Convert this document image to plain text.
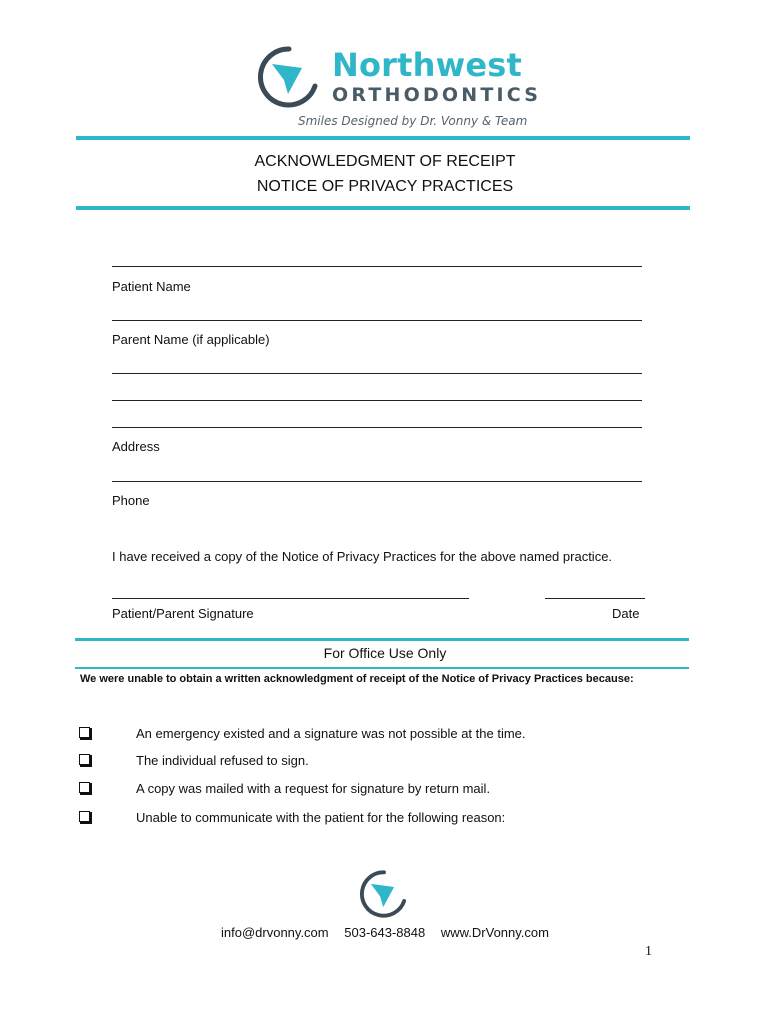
Northwest
ORTHODONTICS
Smiles Designed by Dr. Vonny & Team
ACKNOWLEDGMENT OF RECEIPT
NOTICE OF PRIVACY PRACTICES
Patient Name
Parent Name (if applicable)
Address
Phone
I have received a copy of the Notice of Privacy Practices for the above named practice.
Patient/Parent Signature	Date
For Office Use Only
We were unable to obtain a written acknowledgment of receipt of the Notice of Privacy Practices because:
An emergency existed and a signature was not possible at the time.
The individual refused to sign.
A copy was mailed with a request for signature by return mail.
Unable to communicate with the patient for the following reason:
info@drvonny.com 503-643-8848 www.DrVonny.com
1
